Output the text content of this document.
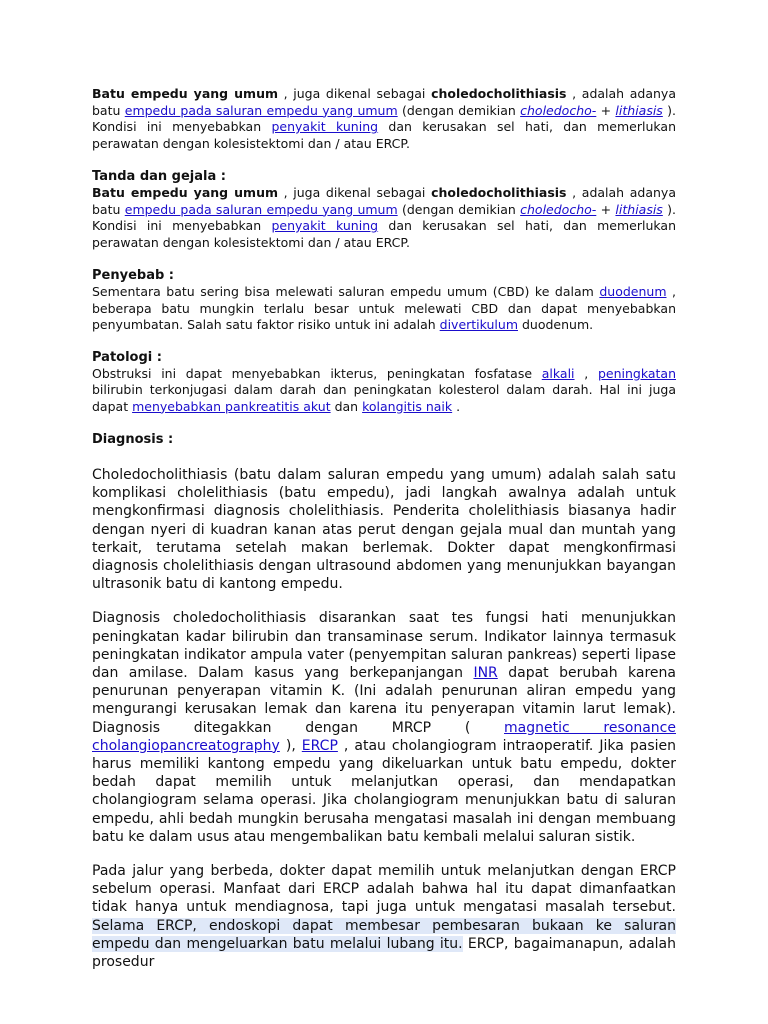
Batu empedu yang umum , juga dikenal sebagai choledocholithiasis , adalah adanya batu empedu pada saluran empedu yang umum (dengan demikian choledocho- + lithiasis ). Kondisi ini menyebabkan penyakit kuning dan kerusakan sel hati, dan memerlukan perawatan dengan kolesistektomi dan / atau ERCP.

Tanda dan gejala :

Batu empedu yang umum , juga dikenal sebagai choledocholithiasis , adalah adanya batu empedu pada saluran empedu yang umum (dengan demikian choledocho- + lithiasis ). Kondisi ini menyebabkan penyakit kuning dan kerusakan sel hati, dan memerlukan perawatan dengan kolesistektomi dan / atau ERCP.

Penyebab :

Sementara batu sering bisa melewati saluran empedu umum (CBD) ke dalam duodenum , beberapa batu mungkin terlalu besar untuk melewati CBD dan dapat menyebabkan penyumbatan. Salah satu faktor risiko untuk ini adalah divertikulum duodenum.

Patologi :

Obstruksi ini dapat menyebabkan ikterus, peningkatan fosfatase alkali , peningkatan bilirubin terkonjugasi dalam darah dan peningkatan kolesterol dalam darah. Hal ini juga dapat menyebabkan pankreatitis akut dan kolangitis naik .

Diagnosis :

Choledocholithiasis (batu dalam saluran empedu yang umum) adalah salah satu komplikasi cholelithiasis (batu empedu), jadi langkah awalnya adalah untuk mengkonfirmasi diagnosis cholelithiasis. Penderita cholelithiasis biasanya hadir dengan nyeri di kuadran kanan atas perut dengan gejala mual dan muntah yang terkait, terutama setelah makan berlemak. Dokter dapat mengkonfirmasi diagnosis cholelithiasis dengan ultrasound abdomen yang menunjukkan bayangan ultrasonik batu di kantong empedu.

Diagnosis choledocholithiasis disarankan saat tes fungsi hati menunjukkan peningkatan kadar bilirubin dan transaminase serum. Indikator lainnya termasuk peningkatan indikator ampula vater (penyempitan saluran pankreas) seperti lipase dan amilase. Dalam kasus yang berkepanjangan INR dapat berubah karena penurunan penyerapan vitamin K. (Ini adalah penurunan aliran empedu yang mengurangi kerusakan lemak dan karena itu penyerapan vitamin larut lemak). Diagnosis ditegakkan dengan MRCP ( magnetic resonance cholangiopancreatography ), ERCP , atau cholangiogram intraoperatif. Jika pasien harus memiliki kantong empedu yang dikeluarkan untuk batu empedu, dokter bedah dapat memilih untuk melanjutkan operasi, dan mendapatkan cholangiogram selama operasi. Jika cholangiogram menunjukkan batu di saluran empedu, ahli bedah mungkin berusaha mengatasi masalah ini dengan membuang batu ke dalam usus atau mengembalikan batu kembali melalui saluran sistik.

Pada jalur yang berbeda, dokter dapat memilih untuk melanjutkan dengan ERCP sebelum operasi. Manfaat dari ERCP adalah bahwa hal itu dapat dimanfaatkan tidak hanya untuk mendiagnosa, tapi juga untuk mengatasi masalah tersebut. Selama ERCP, endoskopi dapat membesar pembesaran bukaan ke saluran empedu dan mengeluarkan batu melalui lubang itu. ERCP, bagaimanapun, adalah prosedur
